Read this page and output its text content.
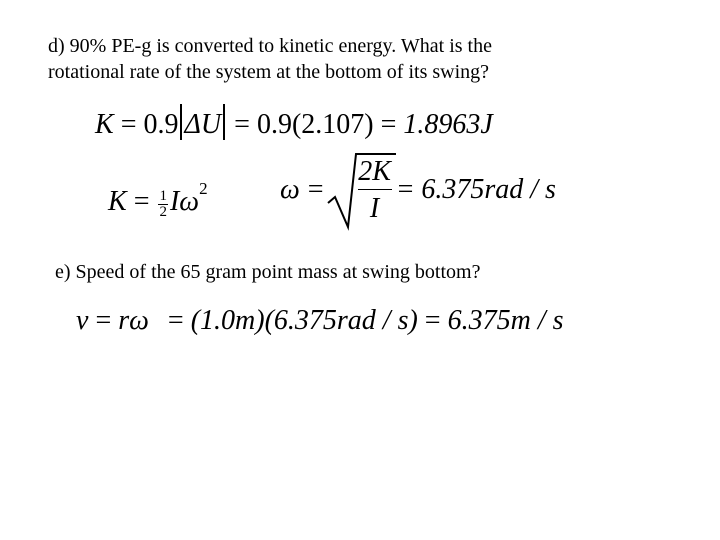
d) 90% PE-g is converted to kinetic energy. What is the
rotational rate of the system at the bottom of its swing?
K = 0.9 ΔU = 0.9(2.107) = 1.8963J
$K = \frac{1}{2} I\omega^2$	$\omega = \frac{2K}{I} = 6.375rad / s$
e) Speed of the 65 gram point mass at swing bottom?
v = rω = (1.0m)(6.375rad / s) = 6.375m / s
